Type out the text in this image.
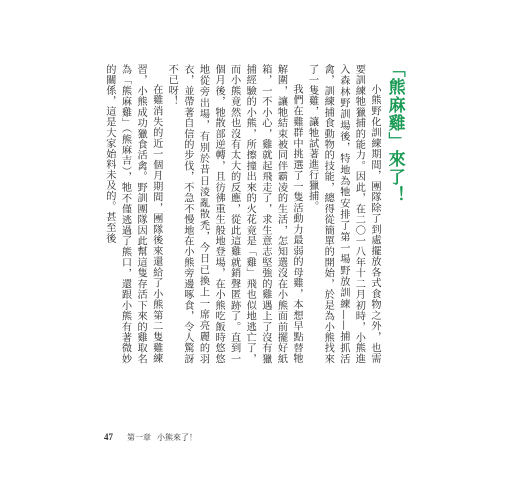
「熊麻雞」來了！

小熊野化訓練期間，團隊除了到處擺放各式食物之外，也需要訓練牠獵捕的能力。因此，在二〇一八年十二月初時，小熊進入森林野訓場後，特地為牠安排了第一場野放訓練——捕抓活禽，訓練捕食動物的技能，總得從簡單的開始，於是為小熊找來了一隻雞，讓牠試著進行獵捕。

我們在雞群中挑選了一隻活動力最弱的母雞，本想早點替牠解圍，讓牠結束被同伴霸凌的生活，怎知選沒在小熊面前擺好紙箱，一不小心，雞就起飛走了，求生意志堅強的雞遇上了沒有獵捕經驗的小熊，所擦撞出來的火花竟是「雞」飛也似地逃亡了，而小熊竟然也沒有太大的反應，從此這雞就銷聲匿跡了。直到一個月後，牠散部逆轉，且彷彿重生般地登場，在小熊吃飯時悠悠地從旁出場，有別於昔日淩亂散禿，今日已換上一席亮麗的羽衣，並帶著自信的步伐，不急不慢地在小熊旁邊啄食，令人驚訝不已呀！

在雞消失的近一個月期間，團隊後來還給了小熊第二隻雞練習，小熊成功獵食活禽。野訓團隊因此幫這隻存活下來的雞取名為「熊麻雞」（熊麻吉），牠不僅逃過了熊口，還跟小熊有著微妙的關係，這是大家始料未及的。甚至後

47 第一章 小熊來了！
